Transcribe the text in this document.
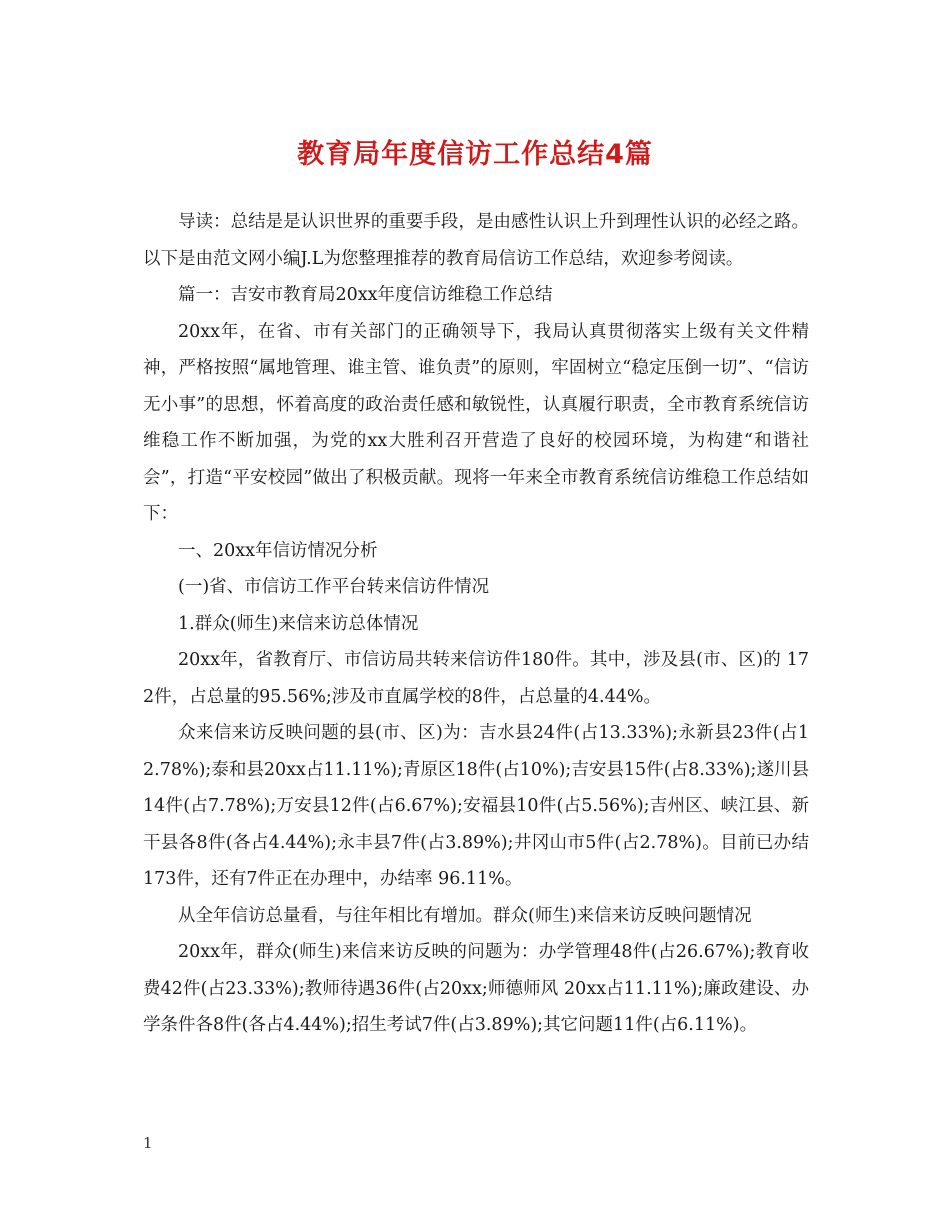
教育局年度信访工作总结4篇

导读：总结是是认识世界的重要手段，是由感性认识上升到理性认识的必经之路。以下是由范文网小编J.L为您整理推荐的教育局信访工作总结，欢迎参考阅读。

篇一：吉安市教育局20xx年度信访维稳工作总结

20xx年，在省、市有关部门的正确领导下，我局认真贯彻落实上级有关文件精神，严格按照“属地管理、谁主管、谁负责”的原则，牢固树立“稳定压倒一切”、“信访无小事”的思想，怀着高度的政治责任感和敏锐性，认真履行职责，全市教育系统信访维稳工作不断加强，为党的xx大胜利召开营造了良好的校园环境，为构建“和谐社会”，打造“平安校园”做出了积极贡献。现将一年来全市教育系统信访维稳工作总结如下：

一、20xx年信访情况分析

(一)省、市信访工作平台转来信访件情况

1.群众(师生)来信来访总体情况

20xx年，省教育厅、市信访局共转来信访件180件。其中，涉及县(市、区)的 172件，占总量的95.56%;涉及市直属学校的8件，占总量的4.44%。

众来信来访反映问题的县(市、区)为：吉水县24件(占13.33%);永新县23件(占12.78%);泰和县20xx占11.11%);青原区18件(占10%);吉安县15件(占8.33%);遂川县14件(占7.78%);万安县12件(占6.67%);安福县10件(占5.56%);吉州区、峡江县、新干县各8件(各占4.44%);永丰县7件(占3.89%);井冈山市5件(占2.78%)。目前已办结173件，还有7件正在办理中，办结率 96.11%。

从全年信访总量看，与往年相比有增加。群众(师生)来信来访反映问题情况

20xx年，群众(师生)来信来访反映的问题为：办学管理48件(占26.67%);教育收费42件(占23.33%);教师待遇36件(占20xx;师德师风 20xx占11.11%);廉政建设、办学条件各8件(各占4.44%);招生考试7件(占3.89%);其它问题11件(占6.11%)。

1
